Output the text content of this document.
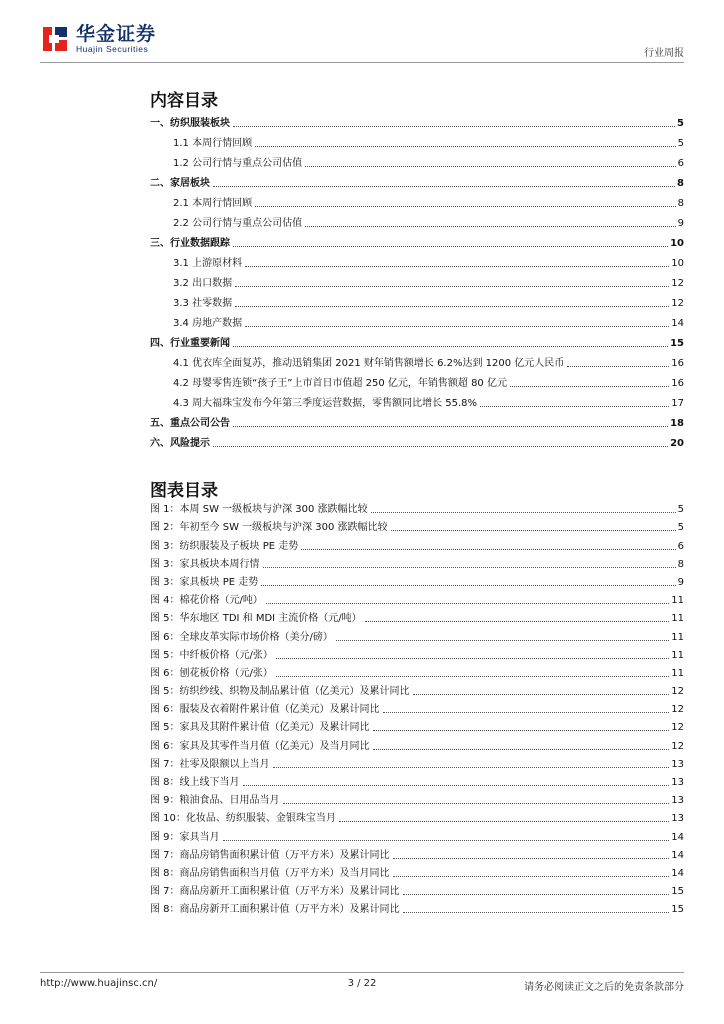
华金证券
Huajin Securities	行业周报
内容目录
一、纺织服装板块	5
1.1 本周行情回顾	5
1.2 公司行情与重点公司估值	6
二、家居板块	8
2.1 本周行情回顾	8
2.2 公司行情与重点公司估值	9
三、行业数据跟踪	10
3.1 上游原材料	10
3.2 出口数据	12
3.3 社零数据	12
3.4 房地产数据	14
四、行业重要新闻	15
4.1 优衣库全面复苏，推动迅销集团 2021 财年销售额增长 6.2%达到 1200 亿元人民币	16
4.2 母婴零售连锁“孩子王”上市首日市值超 250 亿元，年销售额超 80 亿元	16
4.3 周大福珠宝发布今年第三季度运营数据，零售额同比增长 55.8%	17
五、重点公司公告	18
六、风险提示	20
图表目录
图 1：本周 SW 一级板块与沪深 300 涨跌幅比较	5
图 2：年初至今 SW 一级板块与沪深 300 涨跌幅比较	5
图 3：纺织服装及子板块 PE 走势	6
图 3：家具板块本周行情	8
图 3：家具板块 PE 走势	9
图 4：棉花价格（元/吨）	11
图 5：华东地区 TDI 和 MDI 主流价格（元/吨）	11
图 6：全球皮革实际市场价格（美分/磅）	11
图 5：中纤板价格（元/张）	11
图 6：刨花板价格（元/张）	11
图 5：纺织纱线、织物及制品累计值（亿美元）及累计同比	12
图 6：服装及衣着附件累计值（亿美元）及累计同比	12
图 5：家具及其附件累计值（亿美元）及累计同比	12
图 6：家具及其零件当月值（亿美元）及当月同比	12
图 7：社零及限额以上当月	13
图 8：线上线下当月	13
图 9：粮油食品、日用品当月	13
图 10：化妆品、纺织服装、金银珠宝当月	13
图 9：家具当月	14
图 7：商品房销售面积累计值（万平方米）及累计同比	14
图 8：商品房销售面积当月值（万平方米）及当月同比	14
图 7：商品房新开工面积累计值（万平方米）及累计同比	15
图 8：商品房新开工面积累计值（万平方米）及累计同比	15
http://www.huajinsc.cn/	3 / 22	请务必阅读正文之后的免责条款部分
